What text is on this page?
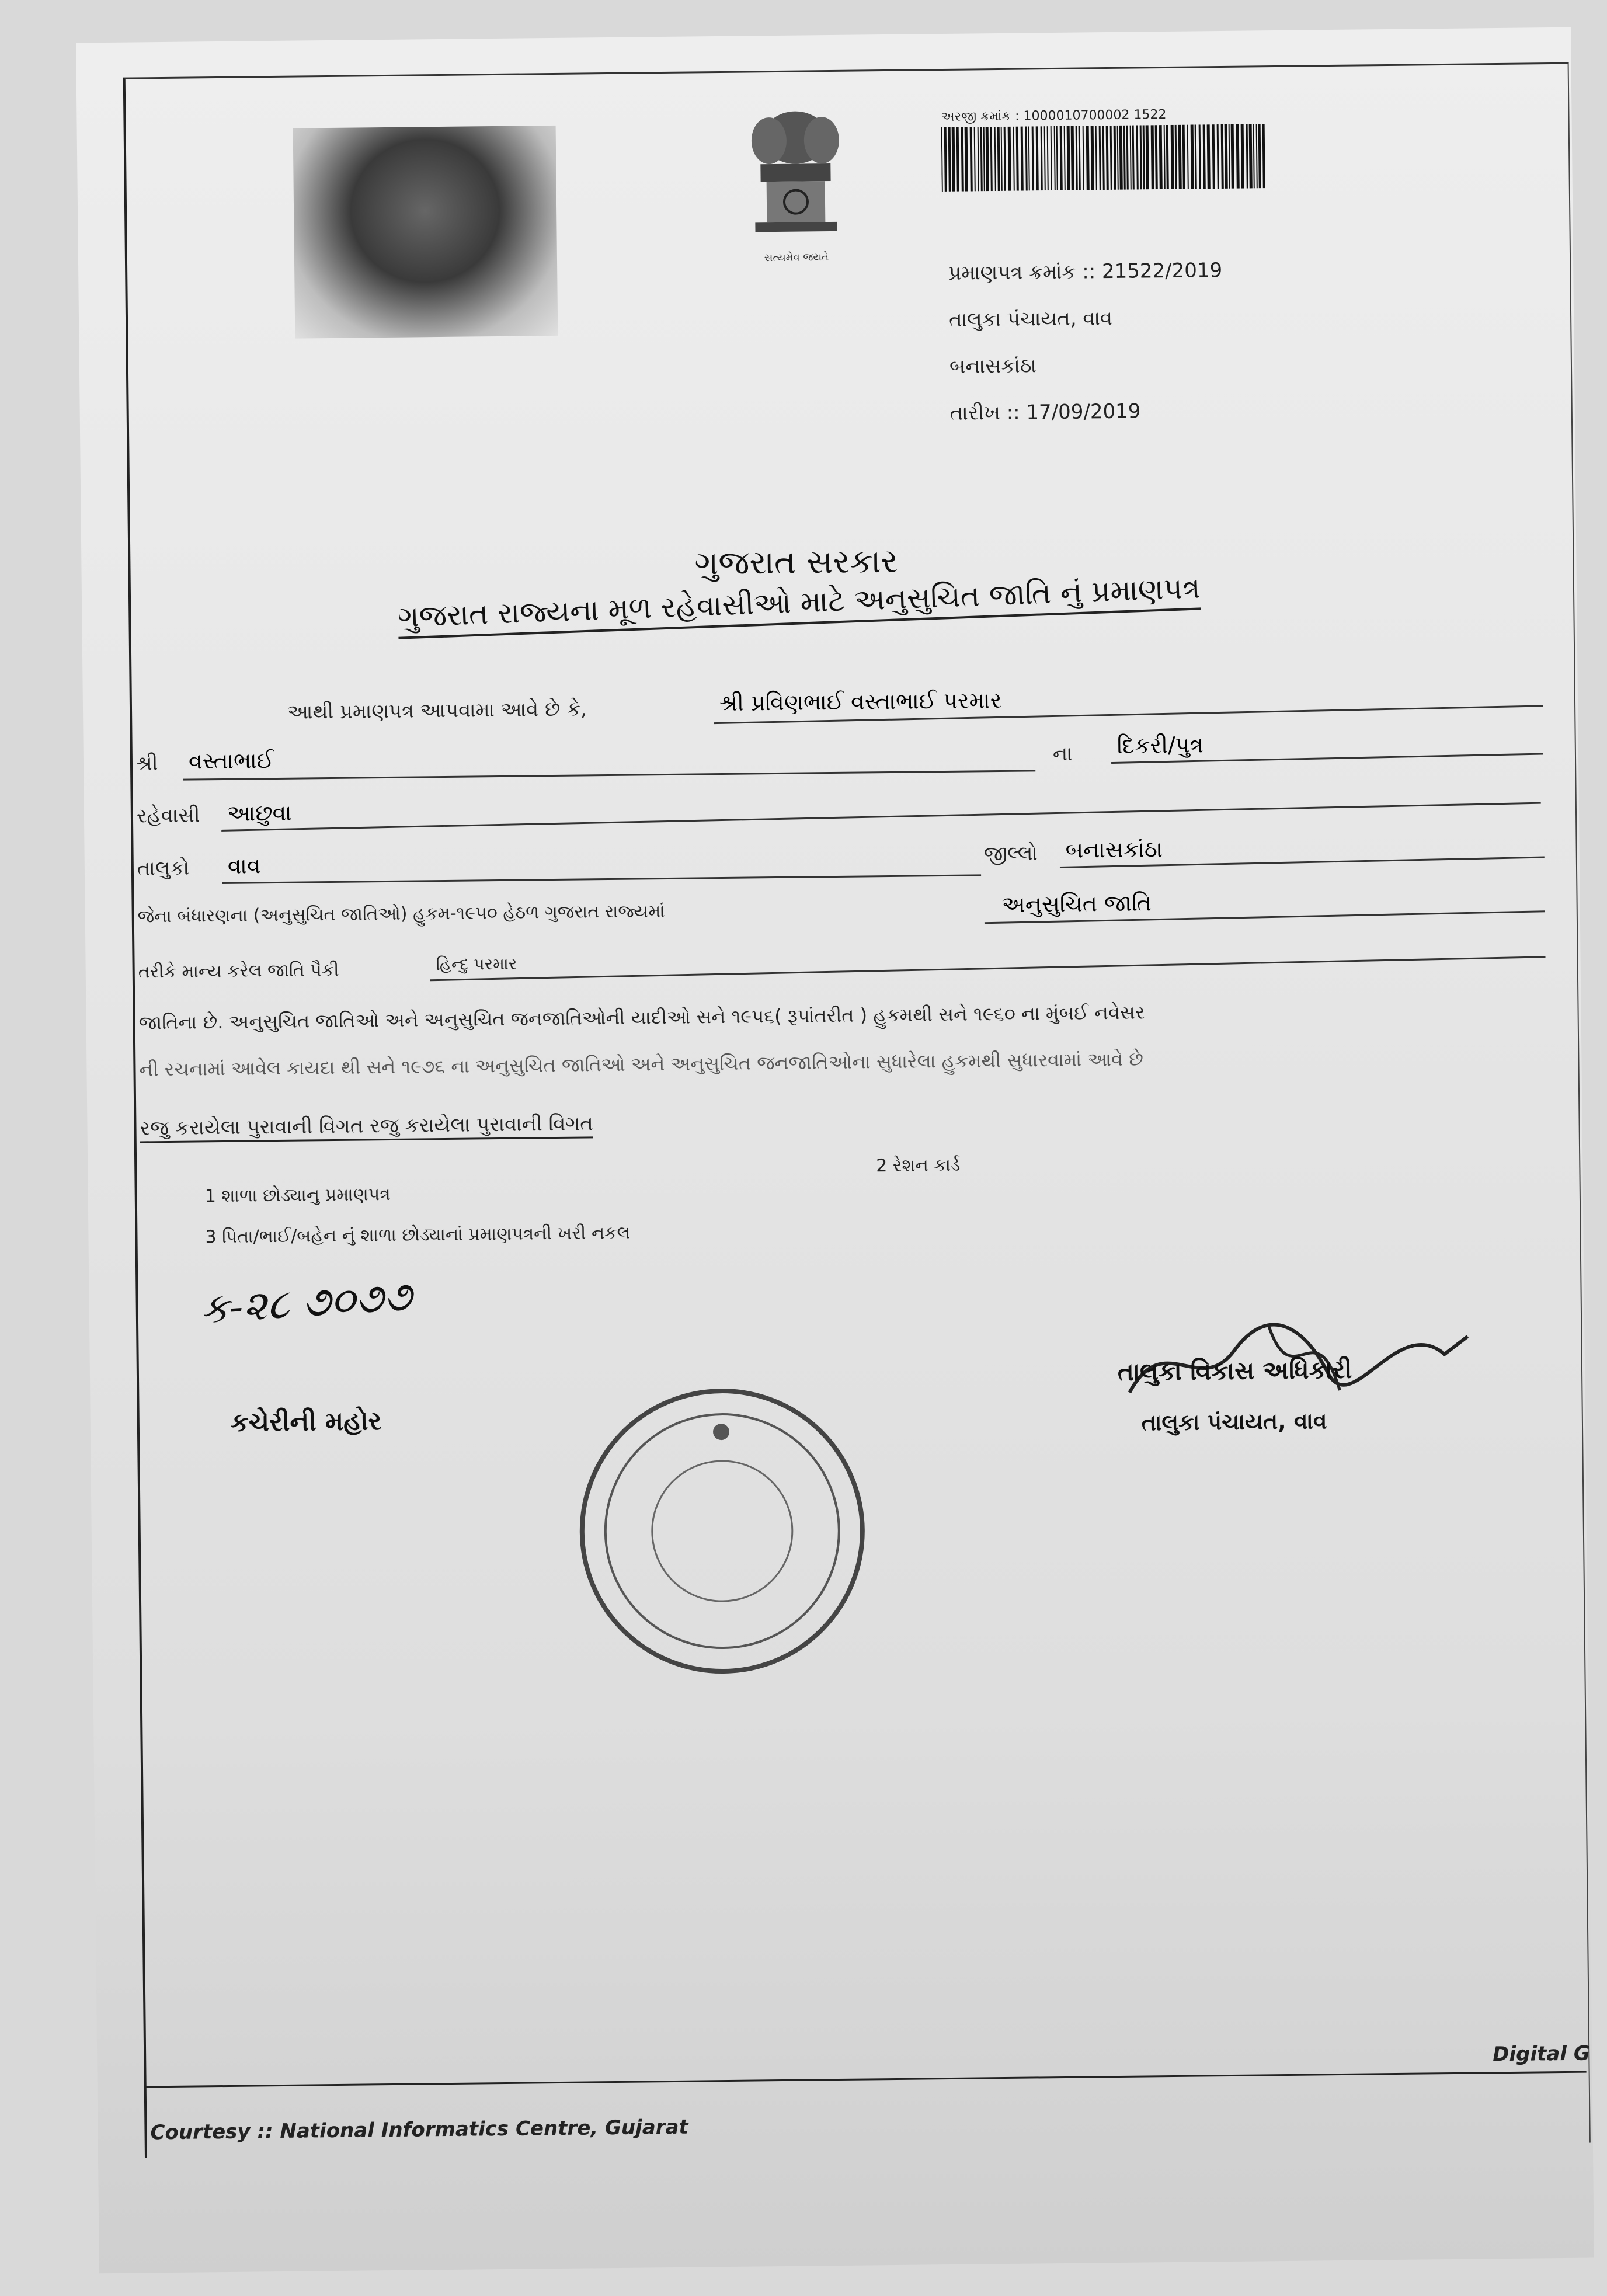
સત્યમેવ જયતે
અરજી ક્રમાંક : 1000010700002 1522
પ્રમાણપત્ર ક્રમાંક :: 21522/2019
તાલુકા પંચાયત, વાવ
બનાસકાંઠા
તારીખ :: 17/09/2019
ગુજરાત સરકાર
ગુજરાત રાજ્યના મૂળ રહેવાસીઓ માટે અનુસુચિત જાતિ નું પ્રમાણપત્ર
આથી પ્રમાણપત્ર આપવામા આવે છે કે,	શ્રી પ્રવિણભાઈ વસ્તાભાઈ પરમાર
શ્રી વસ્તાભાઈ	ના દિકરી/પુત્ર
રહેવાસી આછુવા
તાલુકો વાવ	જીલ્લો બનાસકાંઠા
જેના બંધારણના (અનુસુચિત જાતિઓ) હુકમ-૧૯૫૦ હેઠળ ગુજરાત રાજ્યમાં	અનુસુચિત જાતિ
તરીકે માન્ય કરેલ જાતિ પૈકી	હિન્દુ પરમાર
જાતિના છે. અનુસુચિત જાતિઓ અને અનુસુચિત જનજાતિઓની યાદીઓ સને ૧૯૫૬( રૂપાંતરીત ) હુકમથી સને ૧૯૬૦ ના મુંબઈ નવેસર
ની રચનામાં આવેલ કાયદા થી સને ૧૯૭૬ ના અનુસુચિત જાતિઓ અને અનુસુચિત જનજાતિઓના સુધારેલા હુકમથી સુધારવામાં આવે છે
રજુ કરાયેલા પુરાવાની વિગત રજુ કરાયેલા પુરાવાની વિગત
1 શાળા છોડ્યાનુ પ્રમાણપત્ર
2 રેશન કાર્ડ
3 પિતા/ભાઈ/બહેન નું શાળા છોડ્યાનાં પ્રમાણપત્રની ખરી નકલ
ક-૨૮ ૭૦૭૭
કચેરીની મહોર
તાલુકા વિકાસ અધિકારી
તાલુકા પંચાયત, વાવ
Digital G
Courtesy :: National Informatics Centre, Gujarat
